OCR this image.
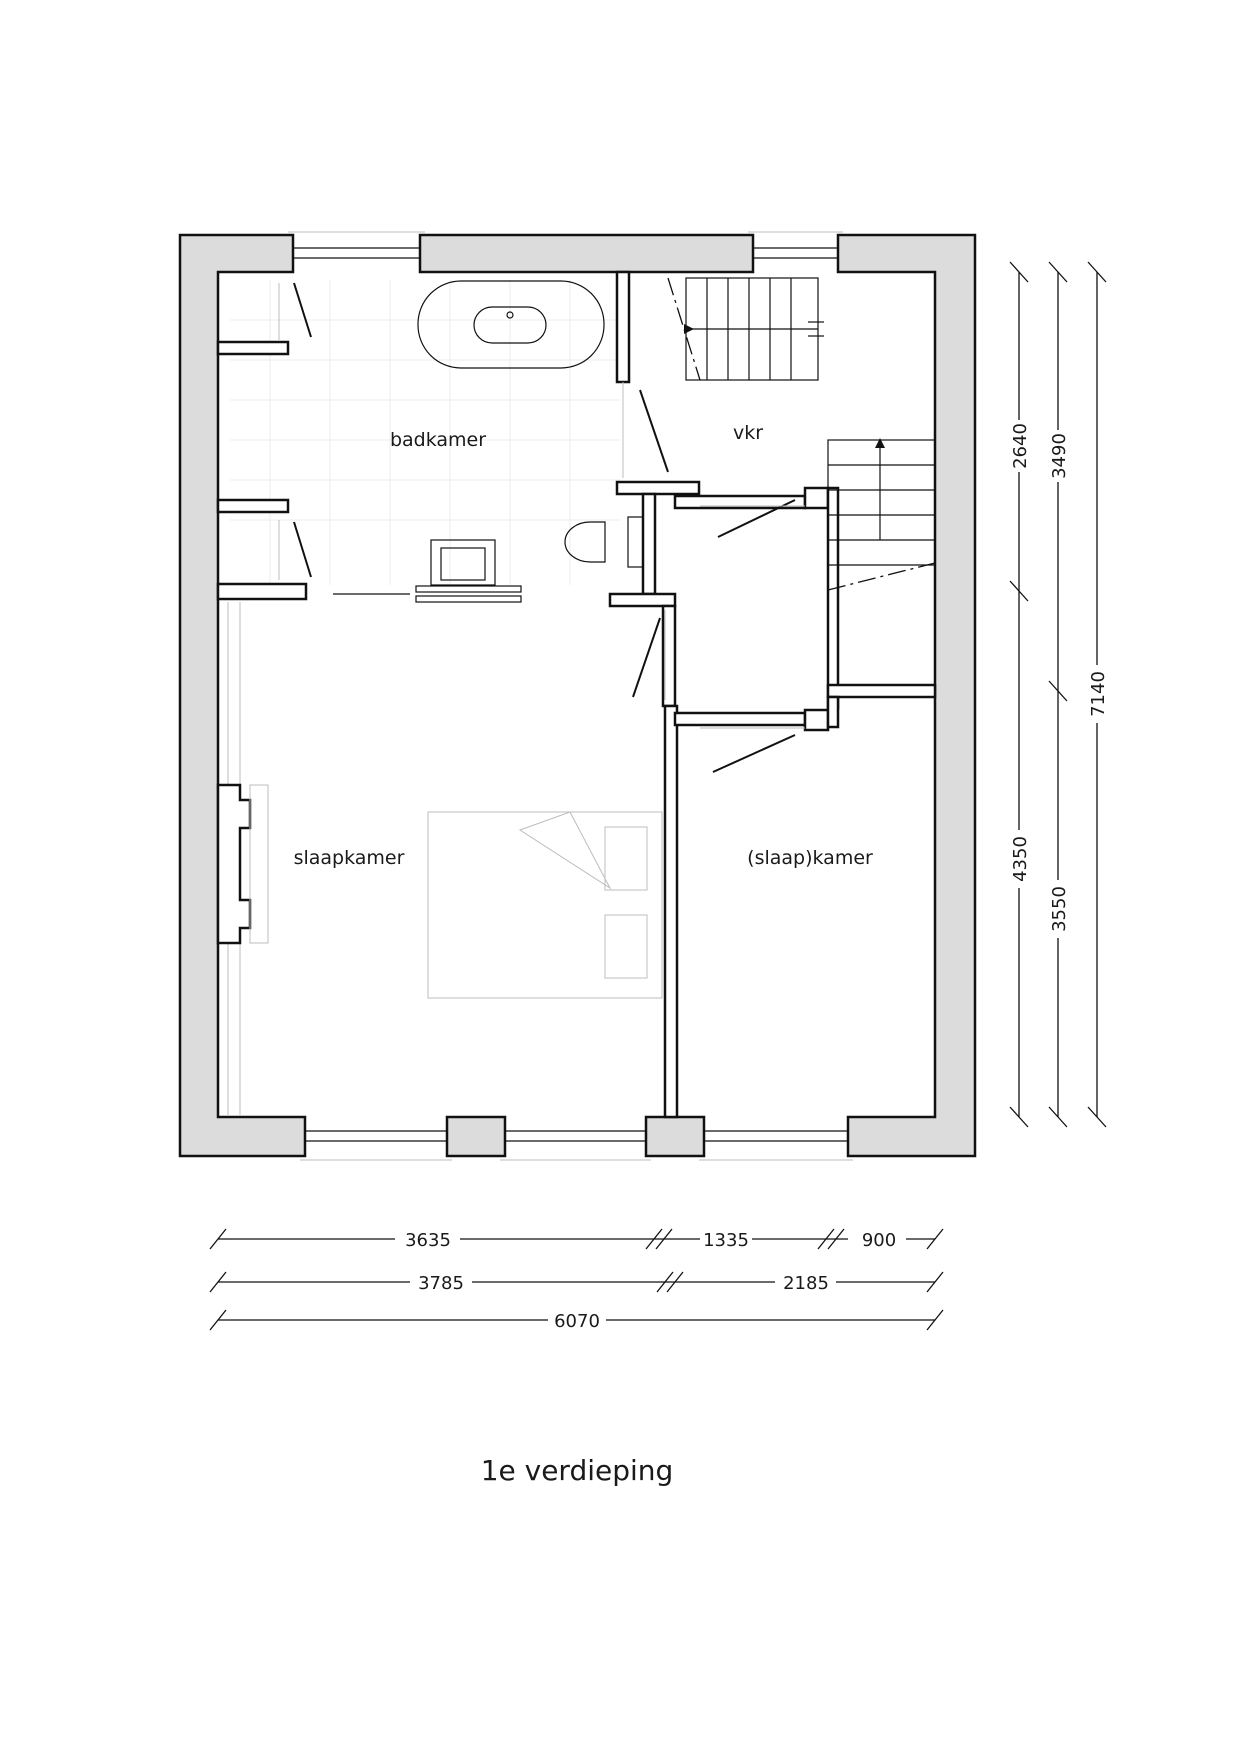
badkamer	vkr
slaapkamer	(slaap)kamer
2640
4350
3490
3550
7140
3635	1335	900
3785	2185
6070
1e verdieping
